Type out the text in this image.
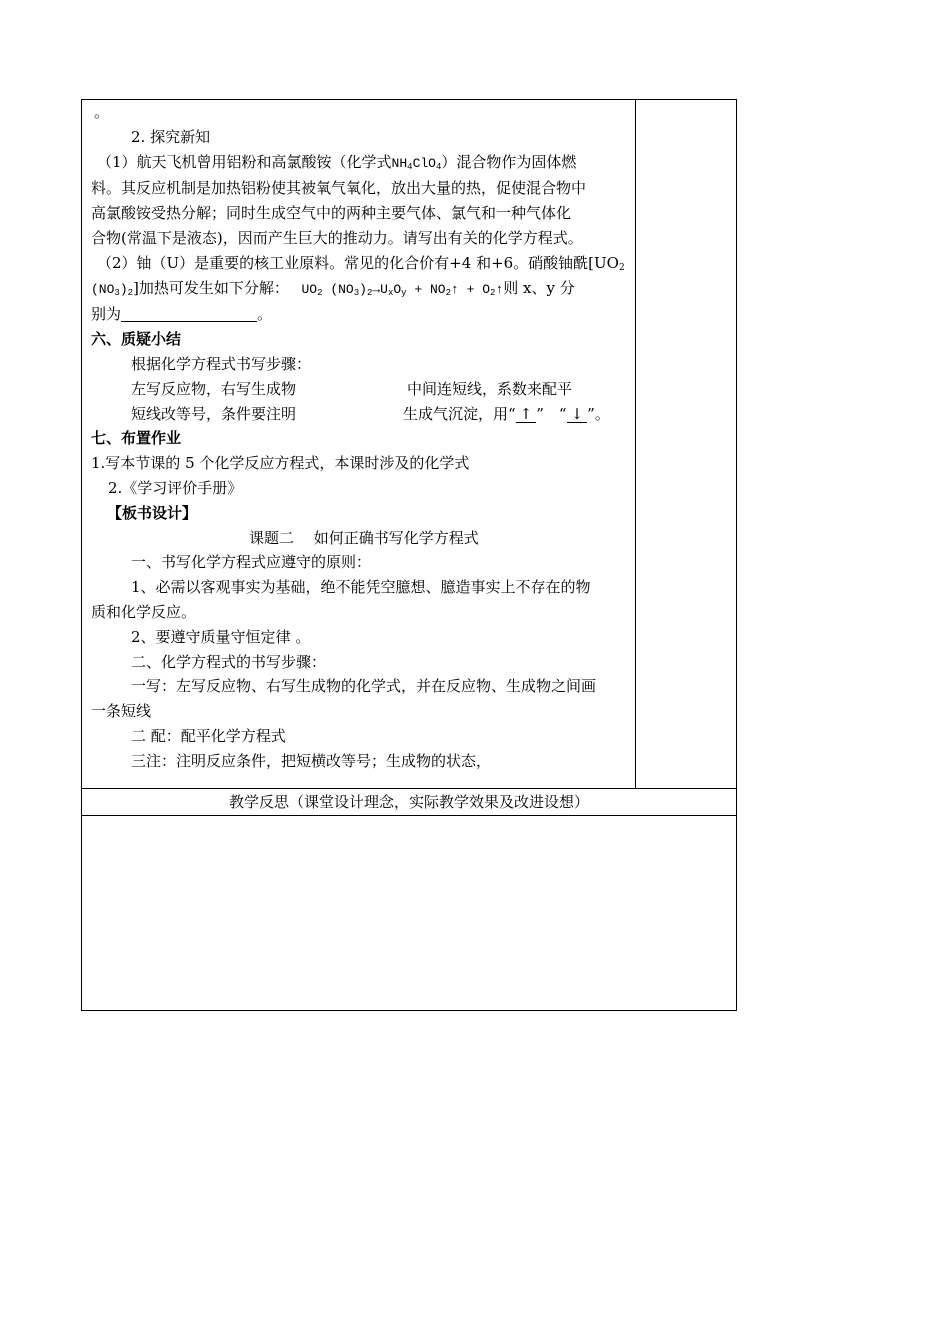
。
2. 探究新知
（1）航天飞机曾用铝粉和高氯酸铵（化学式$NH_4ClO_4$）混合物作为固体燃
料。其反应机制是加热铝粉使其被氧气氧化，放出大量的热，促使混合物中
高氯酸铵受热分解；同时生成空气中的两种主要气体、氯气和一种气体化
合物(常温下是液态)，因而产生巨大的推动力。请写出有关的化学方程式。
（2）铀（U）是重要的核工业原料。常见的化合价有+4 和+6。硝酸铀酰[$UO_2$
$(NO_3)_2$]加热可发生如下分解： $UO_2$ $(NO_3)_2\to U_xO_y$ + $NO_2↑$ + $O_2↑$则 x、y 分
别为	。
六、质疑小结
根据化学方程式书写步骤：
左写反应物，右写生成物	中间连短线，系数来配平
短线改等号，条件要注明	生成气沉淀，用“ ↑ ”　“ ↓ ”。
七、布置作业
1.写本节课的 5 个化学反应方程式，本课时涉及的化学式
2.《学习评价手册》
【板书设计】
课题二　 如何正确书写化学方程式
一、书写化学方程式应遵守的原则：
1、必需以客观事实为基础，绝不能凭空臆想、臆造事实上不存在的物
质和化学反应。
2、要遵守质量守恒定律 。
二、化学方程式的书写步骤：
一写：左写反应物、右写生成物的化学式，并在反应物、生成物之间画
一条短线
二 配：配平化学方程式
三注：注明反应条件，把短横改等号；生成物的状态，

教学反思（课堂设计理念，实际教学效果及改进设想）
